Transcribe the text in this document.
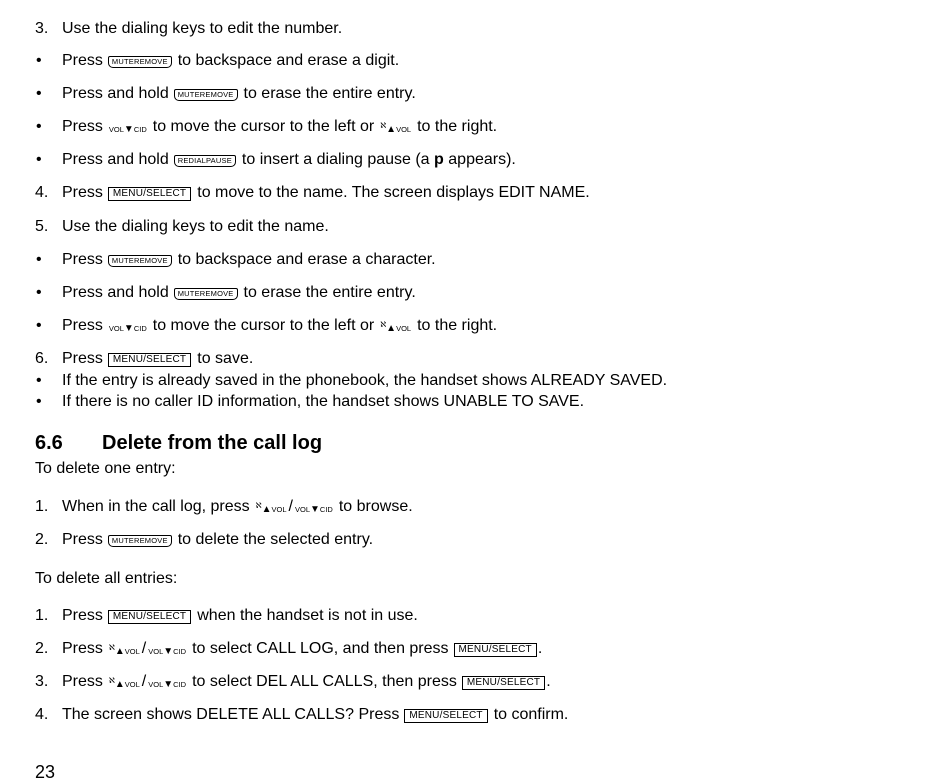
3. Use the dialing keys to edit the number.
• Press	MUTEREMOVE to backspace and erase a digit.
• Press and hold	MUTEREMOVE to erase the entire entry.
• Press VOL▼CID to move the cursor to the left or ℵ▲VOL to the right.
• Press and hold	REDIALPAUSE to insert a dialing pause (a
p
appears).
4. Press	MENU/SELECT to move to the name. The screen displays EDIT NAME.
5. Use the dialing keys to edit the name.
• Press	MUTEREMOVE to backspace and erase a character.
• Press and hold	MUTEREMOVE to erase the entire entry.
• Press VOL▼CID to move the cursor to the left or ℵ▲VOL to the right.
6. Press	MENU/SELECT to save.
• If the entry is already saved in the phonebook, the handset shows ALREADY SAVED.
• If there is no caller ID information, the handset shows UNABLE TO SAVE.
6.6 Delete from the call log
To delete one entry:
1. When in the call log, press ℵ▲VOL / VOL▼CID to browse.
2. Press	MUTEREMOVE to delete the selected entry.
To delete all entries:
1. Press	MENU/SELECT when the handset is not in use.
2. Press ℵ▲VOL / VOL▼CID to select CALL LOG, and then press	MENU/SELECT .
3. Press ℵ▲VOL / VOL▼CID to select DEL ALL CALLS, then press	MENU/SELECT .
4. The screen shows DELETE ALL CALLS? Press	MENU/SELECT to confirm.
23
